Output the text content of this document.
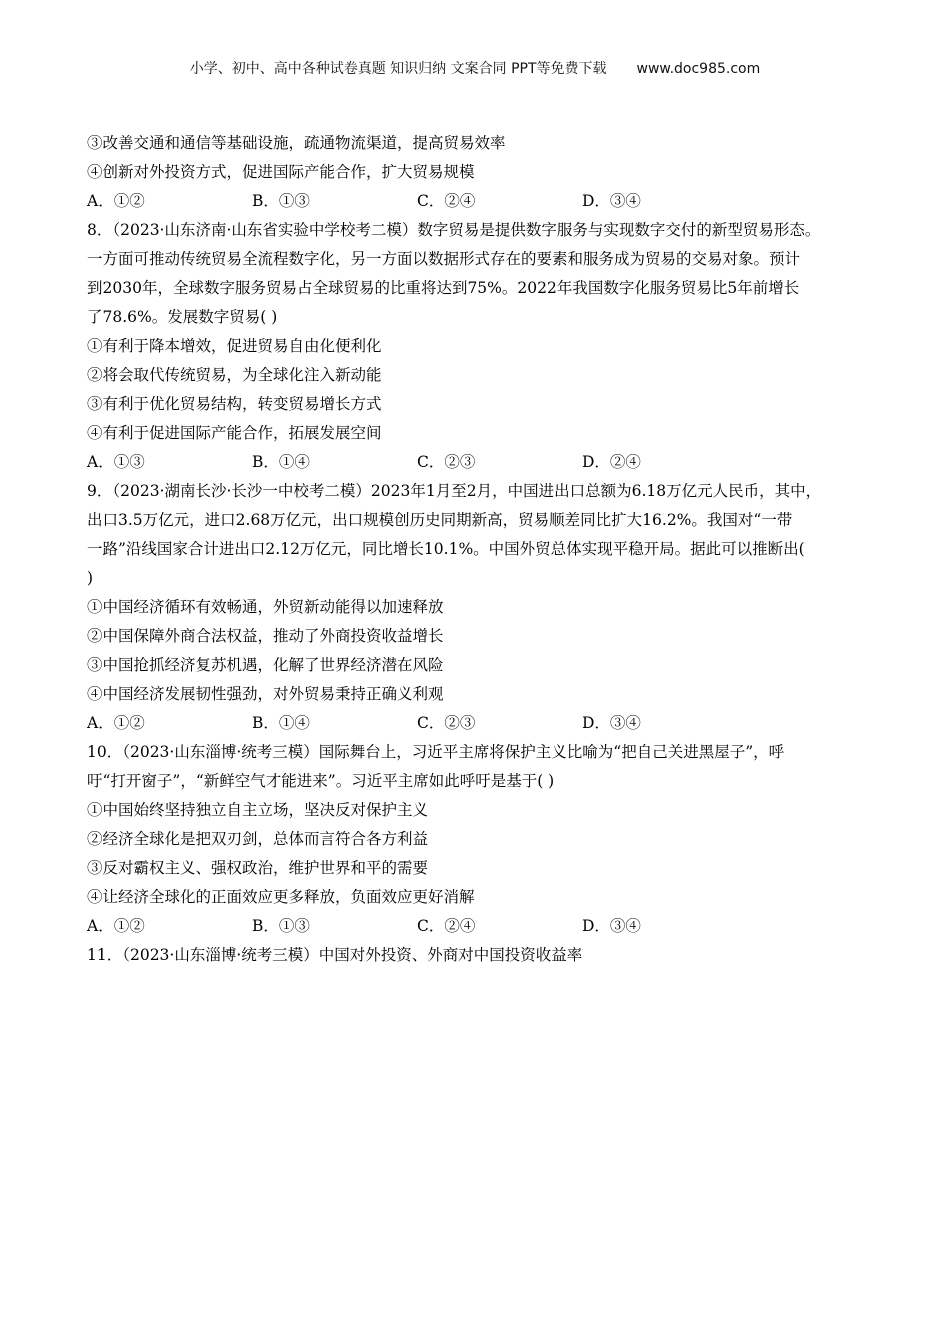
小学、初中、高中各种试卷真题 知识归纳 文案合同 PPT等免费下载 www.doc985.com
③改善交通和通信等基础设施，疏通物流渠道，提高贸易效率
④创新对外投资方式，促进国际产能合作，扩大贸易规模
A．①②	B．①③	C．②④	D．③④
8．（2023·山东济南·山东省实验中学校考二模）数字贸易是提供数字服务与实现数字交付的新型贸易形态。
一方面可推动传统贸易全流程数字化，另一方面以数据形式存在的要素和服务成为贸易的交易对象。预计
到2030年，全球数字服务贸易占全球贸易的比重将达到75%。2022年我国数字化服务贸易比5年前增长
了78.6%。发展数字贸易( )
①有利于降本增效，促进贸易自由化便利化
②将会取代传统贸易，为全球化注入新动能
③有利于优化贸易结构，转变贸易增长方式
④有利于促进国际产能合作，拓展发展空间
A．①③	B．①④	C．②③	D．②④
9．（2023·湖南长沙·长沙一中校考二模）2023年1月至2月，中国进出口总额为6.18万亿元人民币，其中，
出口3.5万亿元，进口2.68万亿元，出口规模创历史同期新高，贸易顺差同比扩大16.2%。我国对“一带
一路”沿线国家合计进出口2.12万亿元，同比增长10.1%。中国外贸总体实现平稳开局。据此可以推断出(
)
①中国经济循环有效畅通，外贸新动能得以加速释放
②中国保障外商合法权益，推动了外商投资收益增长
③中国抢抓经济复苏机遇，化解了世界经济潜在风险
④中国经济发展韧性强劲，对外贸易秉持正确义利观
A．①②	B．①④	C．②③	D．③④
10．（2023·山东淄博·统考三模）国际舞台上，习近平主席将保护主义比喻为“把自己关进黑屋子”，呼
吁“打开窗子”，“新鲜空气才能进来”。习近平主席如此呼吁是基于( )
①中国始终坚持独立自主立场，坚决反对保护主义
②经济全球化是把双刃剑，总体而言符合各方利益
③反对霸权主义、强权政治，维护世界和平的需要
④让经济全球化的正面效应更多释放，负面效应更好消解
A．①②	B．①③	C．②④	D．③④
11．（2023·山东淄博·统考三模）中国对外投资、外商对中国投资收益率
